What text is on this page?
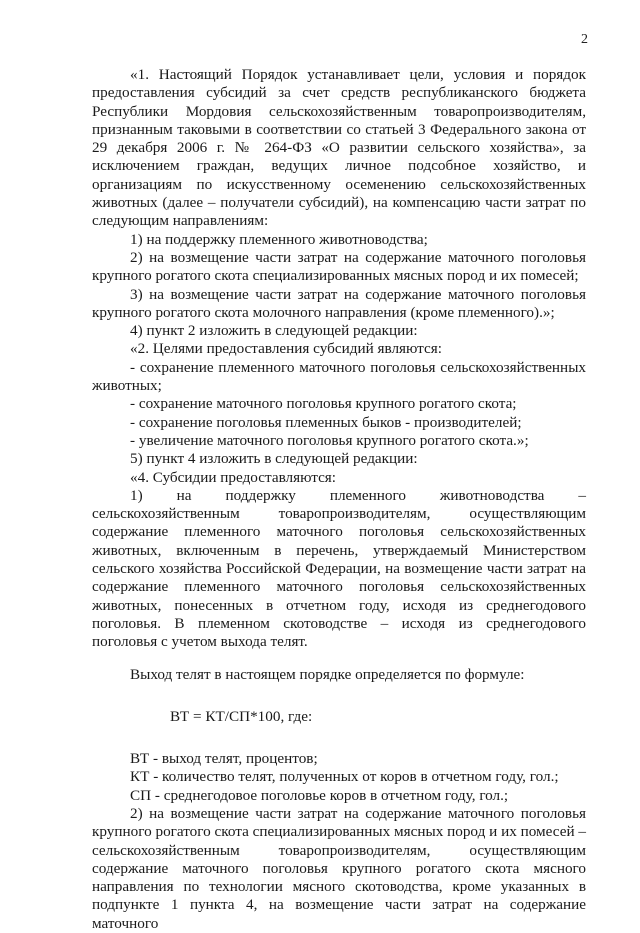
2

«1. Настоящий Порядок устанавливает цели, условия и порядок предоставления субсидий за счет средств республиканского бюджета Республики Мордовия сельскохозяйственным товаропроизводителям, признанным таковыми в соответствии со статьей 3 Федерального закона от 29 декабря 2006 г. № 264-ФЗ «О развитии сельского хозяйства», за исключением граждан, ведущих личное подсобное хозяйство, и организациям по искусственному осеменению сельскохозяйственных животных (далее – получатели субсидий), на компенсацию части затрат по следующим направлениям:

1) на поддержку племенного животноводства;

2) на возмещение части затрат на содержание маточного поголовья крупного рогатого скота специализированных мясных пород и их помесей;

3) на возмещение части затрат на содержание маточного поголовья крупного рогатого скота молочного направления (кроме племенного).»;

4) пункт 2 изложить в следующей редакции:

«2. Целями предоставления субсидий являются:

- сохранение племенного маточного поголовья сельскохозяйственных животных;

- сохранение маточного поголовья крупного рогатого скота;

- сохранение поголовья племенных быков - производителей;

- увеличение маточного поголовья крупного рогатого скота.»;

5) пункт 4 изложить в следующей редакции:

«4. Субсидии предоставляются:

1) на поддержку племенного животноводства – сельскохозяйственным товаропроизводителям, осуществляющим содержание племенного маточного поголовья сельскохозяйственных животных, включенным в перечень, утверждаемый Министерством сельского хозяйства Российской Федерации, на возмещение части затрат на содержание племенного маточного поголовья сельскохозяйственных животных, понесенных в отчетном году, исходя из среднегодового поголовья. В племенном скотоводстве – исходя из среднегодового поголовья с учетом выхода телят.

Выход телят в настоящем порядке определяется по формуле:

ВТ = КТ/СП*100, где:

ВТ - выход телят, процентов;

КТ - количество телят, полученных от коров в отчетном году, гол.;

СП - среднегодовое поголовье коров в отчетном году, гол.;

2) на возмещение части затрат на содержание маточного поголовья крупного рогатого скота специализированных мясных пород и их помесей – сельскохозяйственным товаропроизводителям, осуществляющим содержание маточного поголовья крупного рогатого скота мясного направления по технологии мясного скотоводства, кроме указанных в подпункте 1 пункта 4, на возмещение части затрат на содержание маточного
